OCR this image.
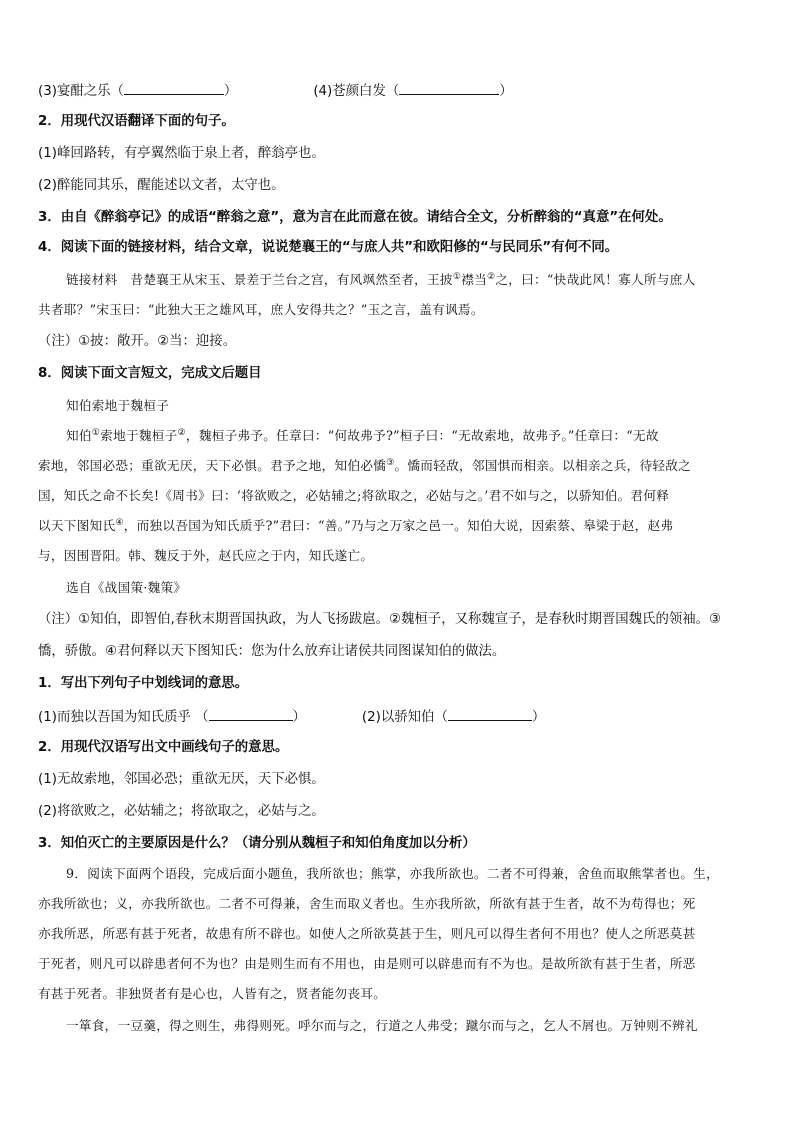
(3)宴酣之乐（	）	(4)苍颜白发（	）
2．用现代汉语翻译下面的句子。
(1)峰回路转，有亭翼然临于泉上者，醉翁亭也。
(2)醉能同其乐，醒能述以文者，太守也。
3．由自《醉翁亭记》的成语“醉翁之意”，意为言在此而意在彼。请结合全文，分析醉翁的“真意”在何处。
4．阅读下面的链接材料，结合文章，说说楚襄王的“与庶人共”和欧阳修的“与民同乐”有何不同。
链接材料　昔楚襄王从宋玉、景差于兰台之宫，有风飒然至者，王披①襟当②之，曰：“快哉此风！寡人所与庶人
共者耶？”宋玉曰：“此独大王之雄风耳，庶人安得共之？”玉之言，盖有讽焉。
（注）①披：敞开。②当：迎接。
8．阅读下面文言短文，完成文后题目
知伯索地于魏桓子
知伯①索地于魏桓子②，魏桓子弗予。任章曰：“何故弗予?”桓子曰：“无故索地，故弗予。”任章曰：“无故
索地，邻国必恐；重欲无厌，天下必惧。君予之地，知伯必憍③。憍而轻敌，邻国惧而相亲。以相亲之兵，待轻敌之
国，知氏之命不长矣!《周书》曰：‘将欲败之，必姑辅之;将欲取之，必姑与之。’君不如与之，以骄知伯。君何释
以天下图知氏④，而独以吾国为知氏质乎?”君曰：“善。”乃与之万家之邑一。知伯大说，因索蔡、皋梁于赵，赵弗
与，因围晋阳。韩、魏反于外，赵氏应之于内，知氏遂亡。
选自《战国策·魏策》
（注）①知伯，即智伯,春秋末期晋国执政，为人飞扬跋扈。②魏桓子，又称魏宣子，是春秋时期晋国魏氏的领袖。③
憍，骄傲。④君何释以天下图知氏：您为什么放弃让诸侯共同图谋知伯的做法。
1．写出下列句子中划线词的意思。
(1)而独以吾国为知氏质乎 （	）	(2)以骄知伯（	）
2．用现代汉语写出文中画线句子的意思。
(1)无故索地，邻国必恐；重欲无厌，天下必惧。
(2)将欲败之，必姑辅之；将欲取之，必姑与之。
3．知伯灭亡的主要原因是什么？（请分别从魏桓子和知伯角度加以分析）
9．阅读下面两个语段，完成后面小题鱼，我所欲也；熊掌，亦我所欲也。二者不可得兼，舍鱼而取熊掌者也。生，
亦我所欲也；义，亦我所欲也。二者不可得兼，舍生而取义者也。生亦我所欲，所欲有甚于生者，故不为苟得也；死
亦我所恶，所恶有甚于死者，故患有所不辟也。如使人之所欲莫甚于生，则凡可以得生者何不用也？使人之所恶莫甚
于死者，则凡可以辟患者何不为也？由是则生而有不用也，由是则可以辟患而有不为也。是故所欲有甚于生者，所恶
有甚于死者。非独贤者有是心也，人皆有之，贤者能勿丧耳。
一箪食，一豆羹，得之则生，弗得则死。呼尔而与之，行道之人弗受；蹴尔而与之，乞人不屑也。万钟则不辨礼
